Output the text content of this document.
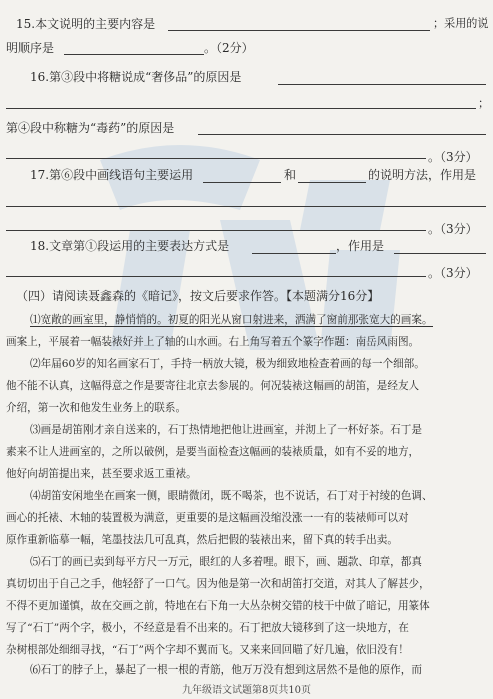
15.本文说明的主要内容是	；采用的说
明顺序是	。（2分）
16.第③段中将糖说成“奢侈品”的原因是
；
第④段中称糖为“毒药”的原因是
。（3分）
17.第⑥段中画线语句主要运用	和	的说明方法，作用是
。（3分）
18.文章第①段运用的主要表达方式是	，作用是
。（3分）
（四）请阅读聂鑫森的《暗记》，按文后要求作答。【本题满分16分】
⑴宽敞的画室里，静悄悄的。初夏的阳光从窗口射进来，洒满了窗前那张宽大的画案。
画案上，平展着一幅装裱好并上了轴的山水画。右上角写着五个篆字作题：南岳风雨图。
⑵年届60岁的知名画家石丁，手持一柄放大镜，极为细致地检查着画的每一个细部。
他不能不认真，这幅得意之作是要寄往北京去参展的。何况装裱这幅画的胡笛，是经友人
介绍，第一次和他发生业务上的联系。
⑶画是胡笛刚才亲自送来的，石丁热情地把他让进画室，并沏上了一杯好茶。石丁是
素来不让人进画室的，之所以破例，是要当面检查这幅画的装裱质量，如有不妥的地方，
他好向胡笛提出来，甚至要求返工重裱。
⑷胡笛安闲地坐在画案一侧，眼睛微闭，既不喝茶，也不说话，石丁对于衬绫的色调、
画心的托裱、木轴的装置极为满意，更重要的是这幅画没缩没涨一一有的装裱师可以对
原作重新临摹一幅，笔墨技法几可乱真，然后把假的装裱出来，留下真的转手出卖。
⑸石丁的画已卖到每平方尺一万元，眼红的人多着哩。眼下，画、题款、印章，都真
真切切出于自己之手，他轻舒了一口气。因为他是第一次和胡笛打交道，对其人了解甚少，
不得不更加谨慎，故在交画之前，特地在右下角一大丛杂树交错的枝干中做了暗记，用篆体
写了“石丁”两个字，极小，不经意是看不出来的。石丁把放大镜移到了这一块地方，在
杂树根部处细细寻找，“石丁”两个字却不翼而飞。又来来回回瞄了好几遍，依旧没有！
⑹石丁的脖子上，暴起了一根一根的青筋，他万万没有想到这居然不是他的原作，而
九年级语文试题第8页共10页
